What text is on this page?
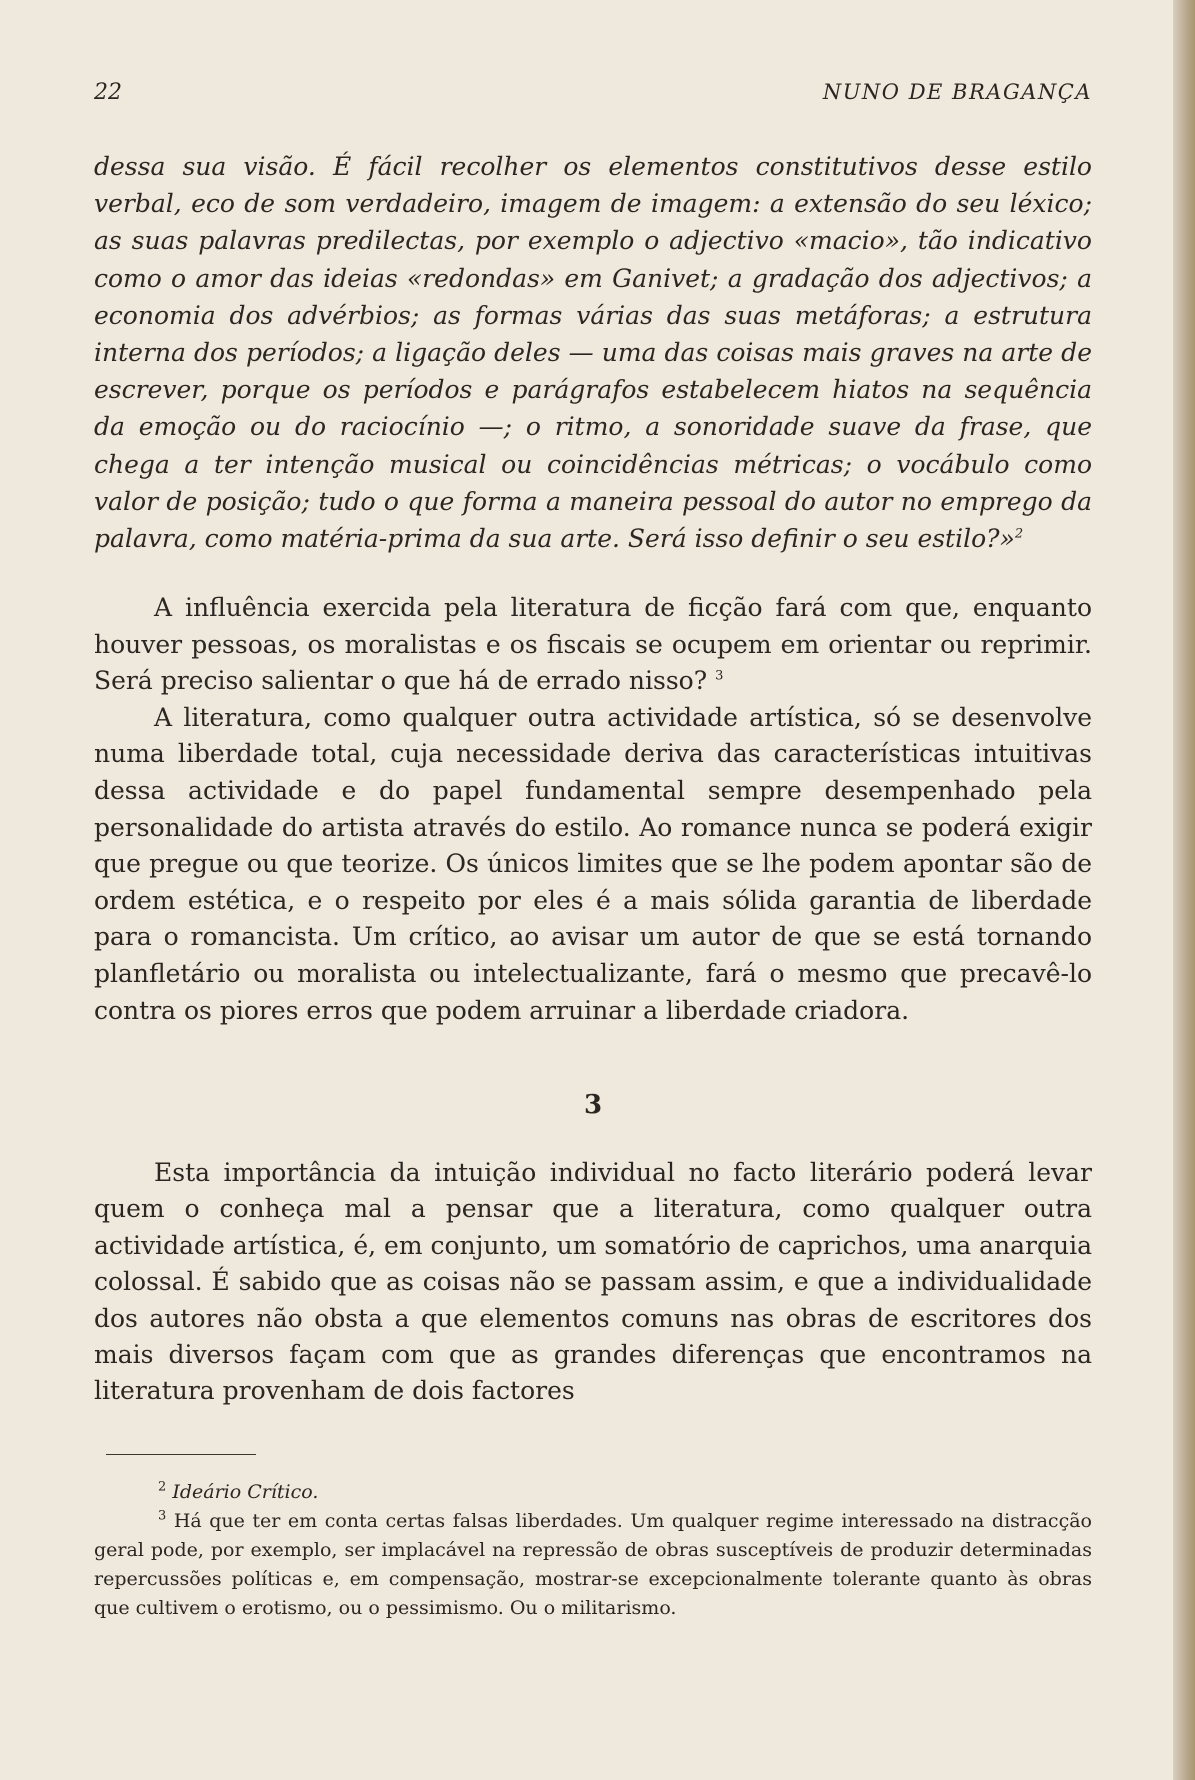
22	NUNO DE BRAGANÇA

dessa sua visão. É fácil recolher os elementos constitutivos desse estilo verbal, eco de som verdadeiro, imagem de imagem: a extensão do seu léxico; as suas palavras predilectas, por exemplo o adjectivo «macio», tão indicativo como o amor das ideias «redondas» em Ganivet; a gradação dos adjectivos; a economia dos advérbios; as formas várias das suas metáforas; a estrutura interna dos períodos; a ligação deles — uma das coisas mais graves na arte de escrever, porque os períodos e parágrafos estabelecem hiatos na sequência da emoção ou do raciocínio —; o ritmo, a sonoridade suave da frase, que chega a ter intenção musical ou coincidências métricas; o vocábulo como valor de posição; tudo o que forma a maneira pessoal do autor no emprego da palavra, como matéria-prima da sua arte. Será isso definir o seu estilo?»$^2$

A influência exercida pela literatura de ficção fará com que, enquanto houver pessoas, os moralistas e os fiscais se ocupem em orientar ou reprimir. Será preciso salientar o que há de errado nisso? $^3$

A literatura, como qualquer outra actividade artística, só se desenvolve numa liberdade total, cuja necessidade deriva das características intuitivas dessa actividade e do papel fundamental sempre desempenhado pela personalidade do artista através do estilo. Ao romance nunca se poderá exigir que pregue ou que teorize. Os únicos limites que se lhe podem apontar são de ordem estética, e o respeito por eles é a mais sólida garantia de liberdade para o romancista. Um crítico, ao avisar um autor de que se está tornando planfletário ou moralista ou intelectualizante, fará o mesmo que precavê-lo contra os piores erros que podem arruinar a liberdade criadora.

3

Esta importância da intuição individual no facto literário poderá levar quem o conheça mal a pensar que a literatura, como qualquer outra actividade artística, é, em conjunto, um somatório de caprichos, uma anarquia colossal. É sabido que as coisas não se passam assim, e que a individualidade dos autores não obsta a que elementos comuns nas obras de escritores dos mais diversos façam com que as grandes diferenças que encontramos na literatura provenham de dois factores

$^2$ Ideário Crítico.

$^3$ Há que ter em conta certas falsas liberdades. Um qualquer regime interessado na distracção geral pode, por exemplo, ser implacável na repressão de obras susceptíveis de produzir determinadas repercussões políticas e, em compensação, mostrar-se excepcionalmente tolerante quanto às obras que cultivem o erotismo, ou o pessimismo. Ou o militarismo.
